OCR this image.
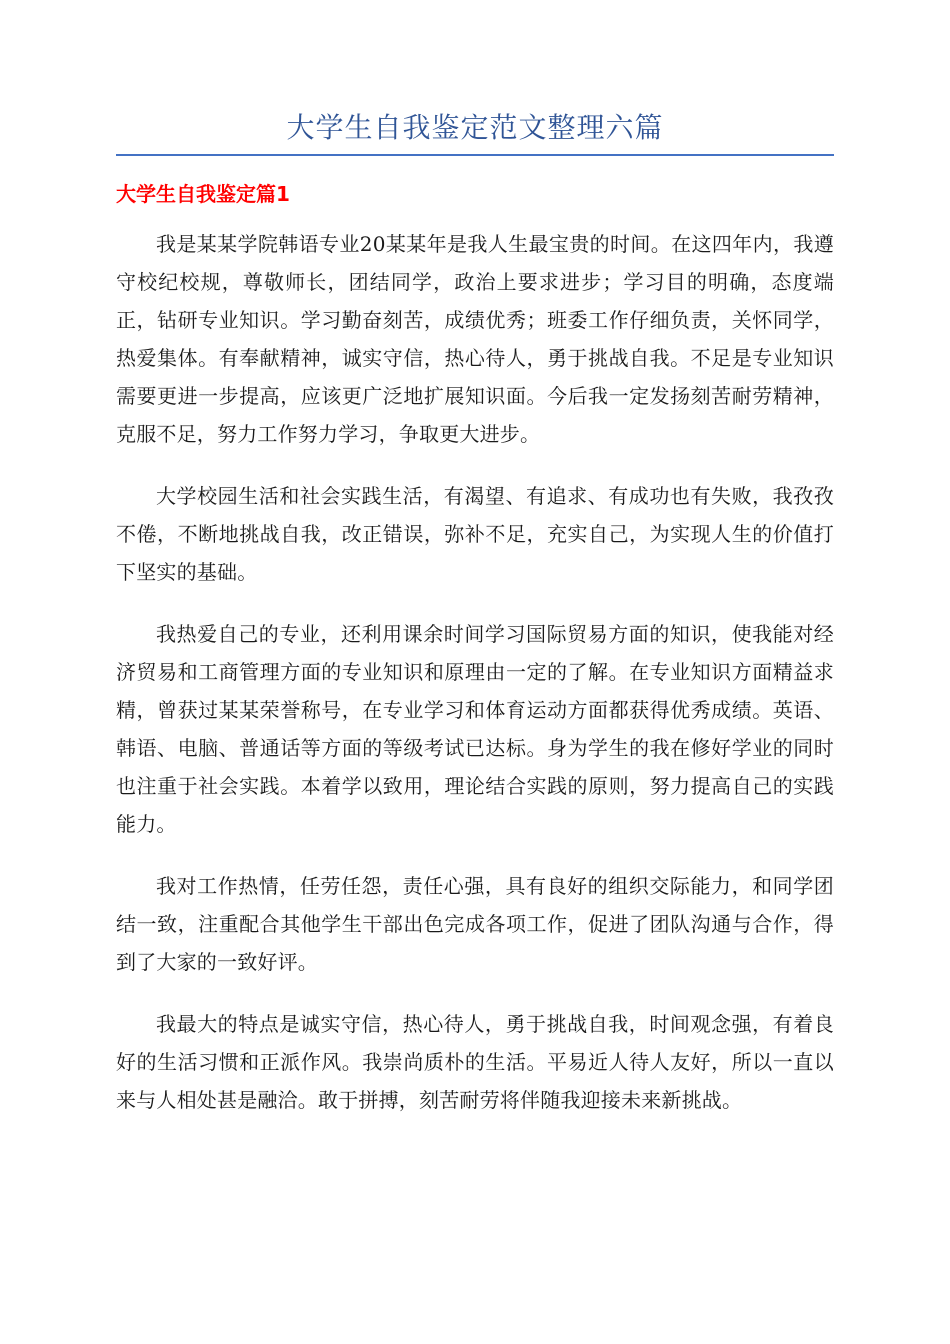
大学生自我鉴定范文整理六篇
大学生自我鉴定篇1

我是某某学院韩语专业20某某年是我人生最宝贵的时间。在这四年内，我遵守校纪校规，尊敬师长，团结同学，政治上要求进步；学习目的明确，态度端正，钻研专业知识。学习勤奋刻苦，成绩优秀；班委工作仔细负责，关怀同学，热爱集体。有奉献精神，诚实守信，热心待人，勇于挑战自我。不足是专业知识需要更进一步提高，应该更广泛地扩展知识面。今后我一定发扬刻苦耐劳精神，克服不足，努力工作努力学习，争取更大进步。

大学校园生活和社会实践生活，有渴望、有追求、有成功也有失败，我孜孜不倦，不断地挑战自我，改正错误，弥补不足，充实自己，为实现人生的价值打下坚实的基础。

我热爱自己的专业，还利用课余时间学习国际贸易方面的知识，使我能对经济贸易和工商管理方面的专业知识和原理由一定的了解。在专业知识方面精益求精，曾获过某某荣誉称号，在专业学习和体育运动方面都获得优秀成绩。英语、韩语、电脑、普通话等方面的等级考试已达标。身为学生的我在修好学业的同时也注重于社会实践。本着学以致用，理论结合实践的原则，努力提高自己的实践能力。

我对工作热情，任劳任怨，责任心强，具有良好的组织交际能力，和同学团结一致，注重配合其他学生干部出色完成各项工作，促进了团队沟通与合作，得到了大家的一致好评。

我最大的特点是诚实守信，热心待人，勇于挑战自我，时间观念强，有着良好的生活习惯和正派作风。我崇尚质朴的生活。平易近人待人友好，所以一直以来与人相处甚是融洽。敢于拼搏，刻苦耐劳将伴随我迎接未来新挑战。
